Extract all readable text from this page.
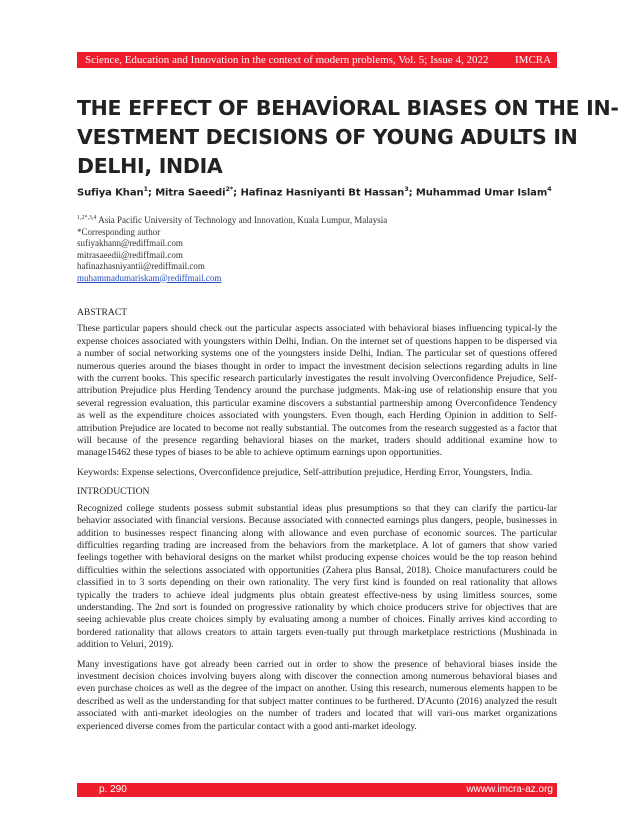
Science, Education and Innovation in the context of modern problems, Vol. 5; Issue 4, 2022 IMCRA
THE EFFECT OF BEHAVİORAL BIASES ON THE IN-
VESTMENT DECISIONS OF YOUNG ADULTS IN
DELHI, INDIA
Sufiya Khan$^1$; Mitra Saeedi$^{2*}$; Hafinaz Hasniyanti Bt Hassan$^3$; Muhammad Umar Islam$^4$
$^{1,2*,3,4}$ Asia Pacific University of Technology and Innovation, Kuala Lumpur, Malaysia
*Corresponding author
sufiyakhann@rediffmail.com
mitrasaeedii@rediffmail.com
hafinazhasniyantii@rediffmail.com
muhammadumariskam@rediffmail.com
ABSTRACT

These particular papers should check out the particular aspects associated with behavioral biases influencing typical-ly the expense choices associated with youngsters within Delhi, Indian. On the internet set of questions happen to be dispersed via a number of social networking systems one of the youngsters inside Delhi, Indian. The particular set of questions offered numerous queries around the biases thought in order to impact the investment decision selections regarding adults in line with the current books. This specific research particularly investigates the result involving Overconfidence Prejudice, Self-attribution Prejudice plus Herding Tendency around the purchase judgments. Mak-ing use of relationship ensure that you several regression evaluation, this particular examine discovers a substantial partnership among Overconfidence Tendency as well as the expenditure choices associated with youngsters. Even though, each Herding Opinion in addition to Self-attribution Prejudice are located to become not really substantial. The outcomes from the research suggested as a factor that will because of the presence regarding behavioral biases on the market, traders should additional examine how to manage15462 these types of biases to be able to achieve optimum earnings upon opportunities.

Keywords: Expense selections, Overconfidence prejudice, Self-attribution prejudice, Herding Error, Youngsters, India.

INTRODUCTION

Recognized college students possess submit substantial ideas plus presumptions so that they can clarify the particu-lar behavior associated with financial versions. Because associated with connected earnings plus dangers, people, businesses in addition to businesses respect financing along with allowance and even purchase of economic sources. The particular difficulties regarding trading are increased from the behaviors from the marketplace. A lot of gamers that show varied feelings together with behavioral designs on the market whilst producing expense choices would be the top reason behind difficulties within the selections associated with opportunities (Zahera plus Bansal, 2018). Choice manufacturers could be classified in to 3 sorts depending on their own rationality. The very first kind is founded on real rationality that allows typically the traders to achieve ideal judgments plus obtain greatest effective-ness by using limitless sources, some understanding. The 2nd sort is founded on progressive rationality by which choice producers strive for objectives that are seeing achievable plus create choices simply by evaluating among a number of choices. Finally arrives kind according to bordered rationality that allows creators to attain targets even-tually put through marketplace restrictions (Mushinada in addition to Veluri, 2019).

Many investigations have got already been carried out in order to show the presence of behavioral biases inside the investment decision choices involving buyers along with discover the connection among numerous behavioral biases and even purchase choices as well as the degree of the impact on another. Using this research, numerous elements happen to be described as well as the understanding for that subject matter continues to be furthered. D'Acunto (2016) analyzed the result associated with anti-market ideologies on the number of traders and located that will vari-ous market organizations experienced diverse comes from the particular contact with a good anti-market ideology.

p. 290	wwww.imcra-az.org
